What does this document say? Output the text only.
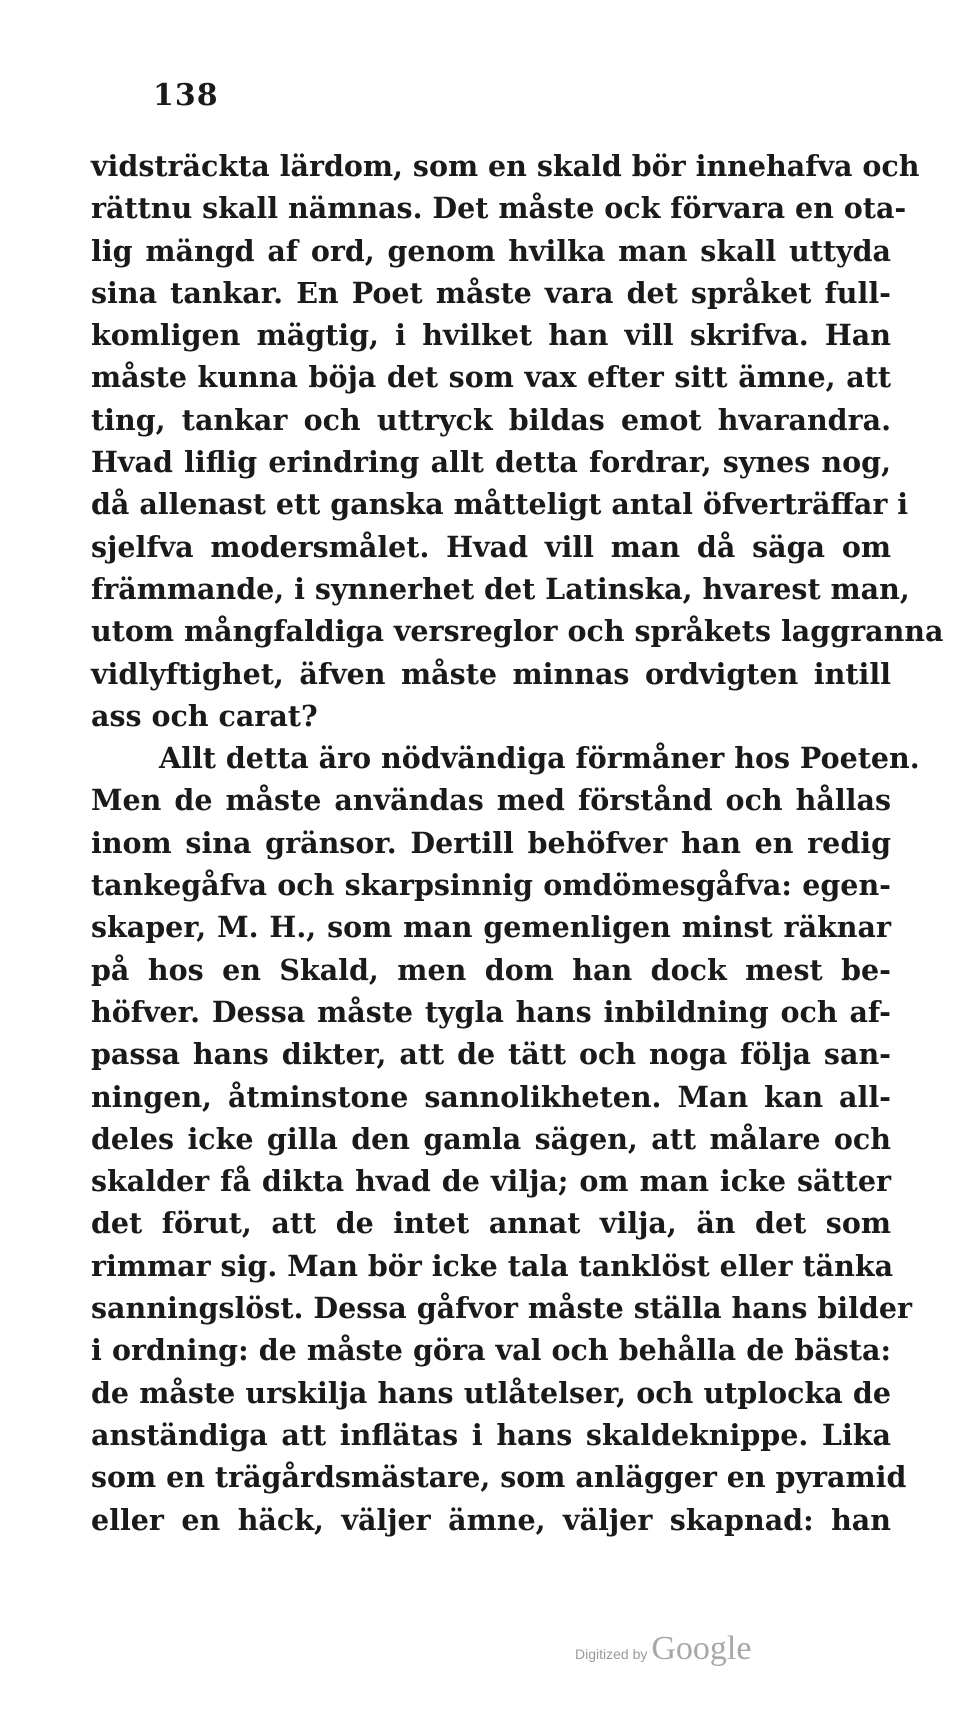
138
vidsträckta lärdom, som en skald bör innehafva och
rättnu skall nämnas. Det måste ock förvara en ota-
lig mängd af ord, genom hvilka man skall uttyda
sina tankar. En Poet måste vara det språket full-
komligen mägtig, i hvilket han vill skrifva. Han
måste kunna böja det som vax efter sitt ämne, att
ting, tankar och uttryck bildas emot hvarandra.
Hvad liflig erindring allt detta fordrar, synes nog,
då allenast ett ganska måtteligt antal öfverträffar i
sjelfva modersmålet. Hvad vill man då säga om
främmande, i synnerhet det Latinska, hvarest man,
utom mångfaldiga versreglor och språkets laggranna
vidlyftighet, äfven måste minnas ordvigten intill
ass och carat?
Allt detta äro nödvändiga förmåner hos Poeten.
Men de måste användas med förstånd och hållas
inom sina gränsor. Dertill behöfver han en redig
tankegåfva och skarpsinnig omdömesgåfva: egen-
skaper, M. H., som man gemenligen minst räknar
på hos en Skald, men dom han dock mest be-
höfver. Dessa måste tygla hans inbildning och af-
passa hans dikter, att de tätt och noga följa san-
ningen, åtminstone sannolikheten. Man kan all-
deles icke gilla den gamla sägen, att målare och
skalder få dikta hvad de vilja; om man icke sätter
det förut, att de intet annat vilja, än det som
rimmar sig. Man bör icke tala tanklöst eller tänka
sanningslöst. Dessa gåfvor måste ställa hans bilder
i ordning: de måste göra val och behålla de bästa:
de måste urskilja hans utlåtelser, och utplocka de
anständiga att inflätas i hans skaldeknippe. Lika
som en trägårdsmästare, som anlägger en pyramid
eller en häck, väljer ämne, väljer skapnad: han
Digitized by Google
